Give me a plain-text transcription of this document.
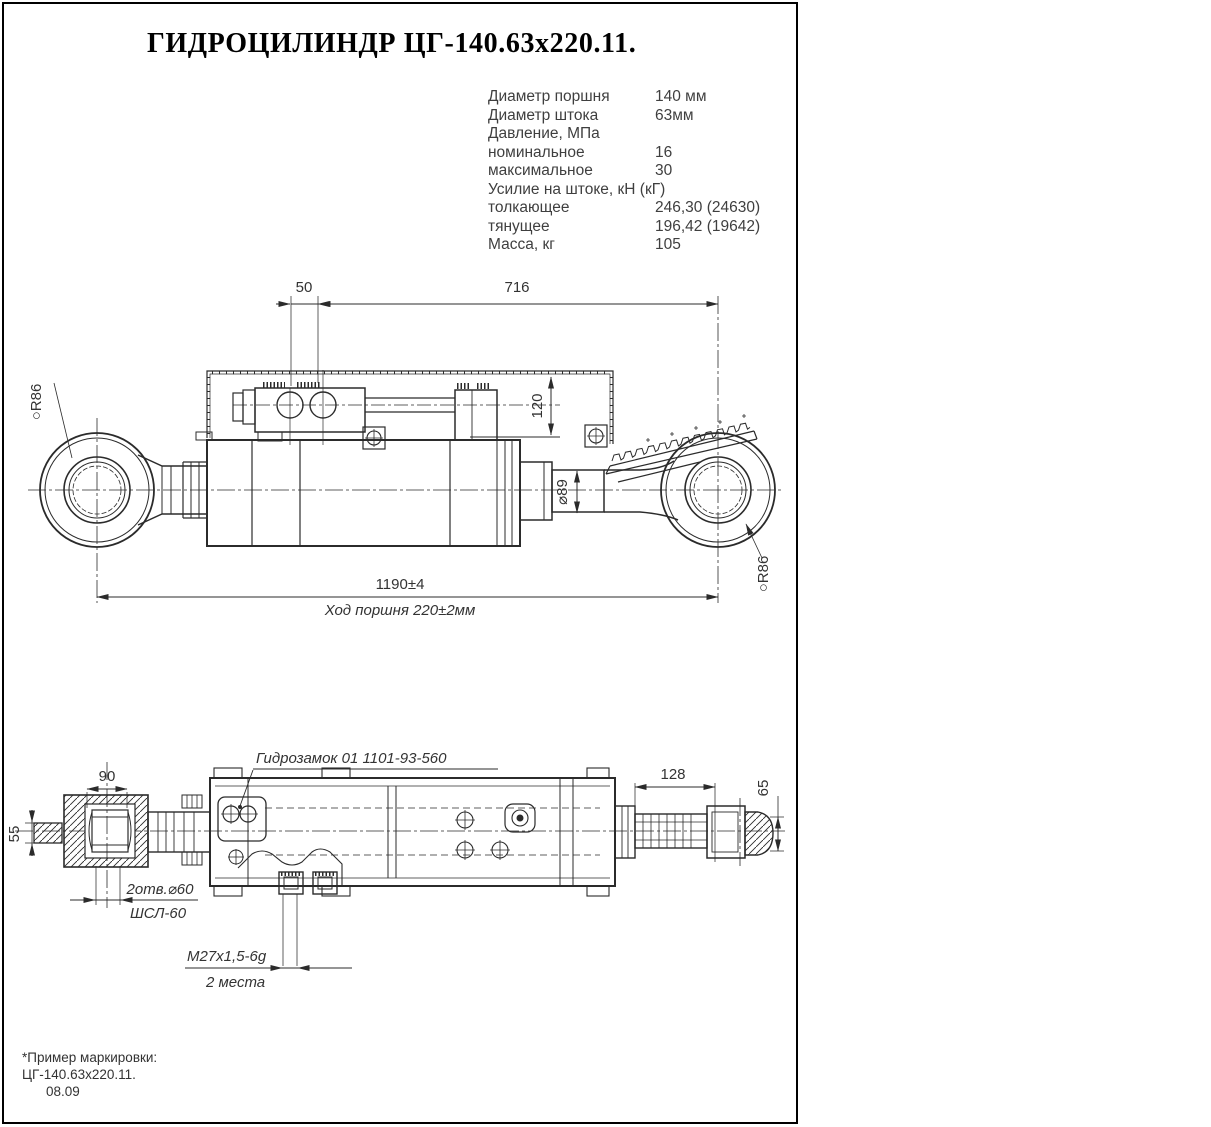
ГИДРОЦИЛИНДР ЦГ-140.63х220.11.
Диаметр поршня	140 мм
Диаметр штока	63мм
Давление, МПа
номинальное	16
максимальное	30
Усилие на штоке, кН (кГ)
толкающее	246,30 (24630)
тянущее	196,42 (19642)
Масса, кг	105
50	716
120
⌀89
○R86
○R86
1190±4
Ход поршня 220±2мм
55
90
Гидрозамок 01 1101-93-560
М27х1,5-6g
2 места
2отв.⌀60
ШСЛ-60
128
65
*Пример маркировки:
ЦГ-140.63х220.11.
08.09
